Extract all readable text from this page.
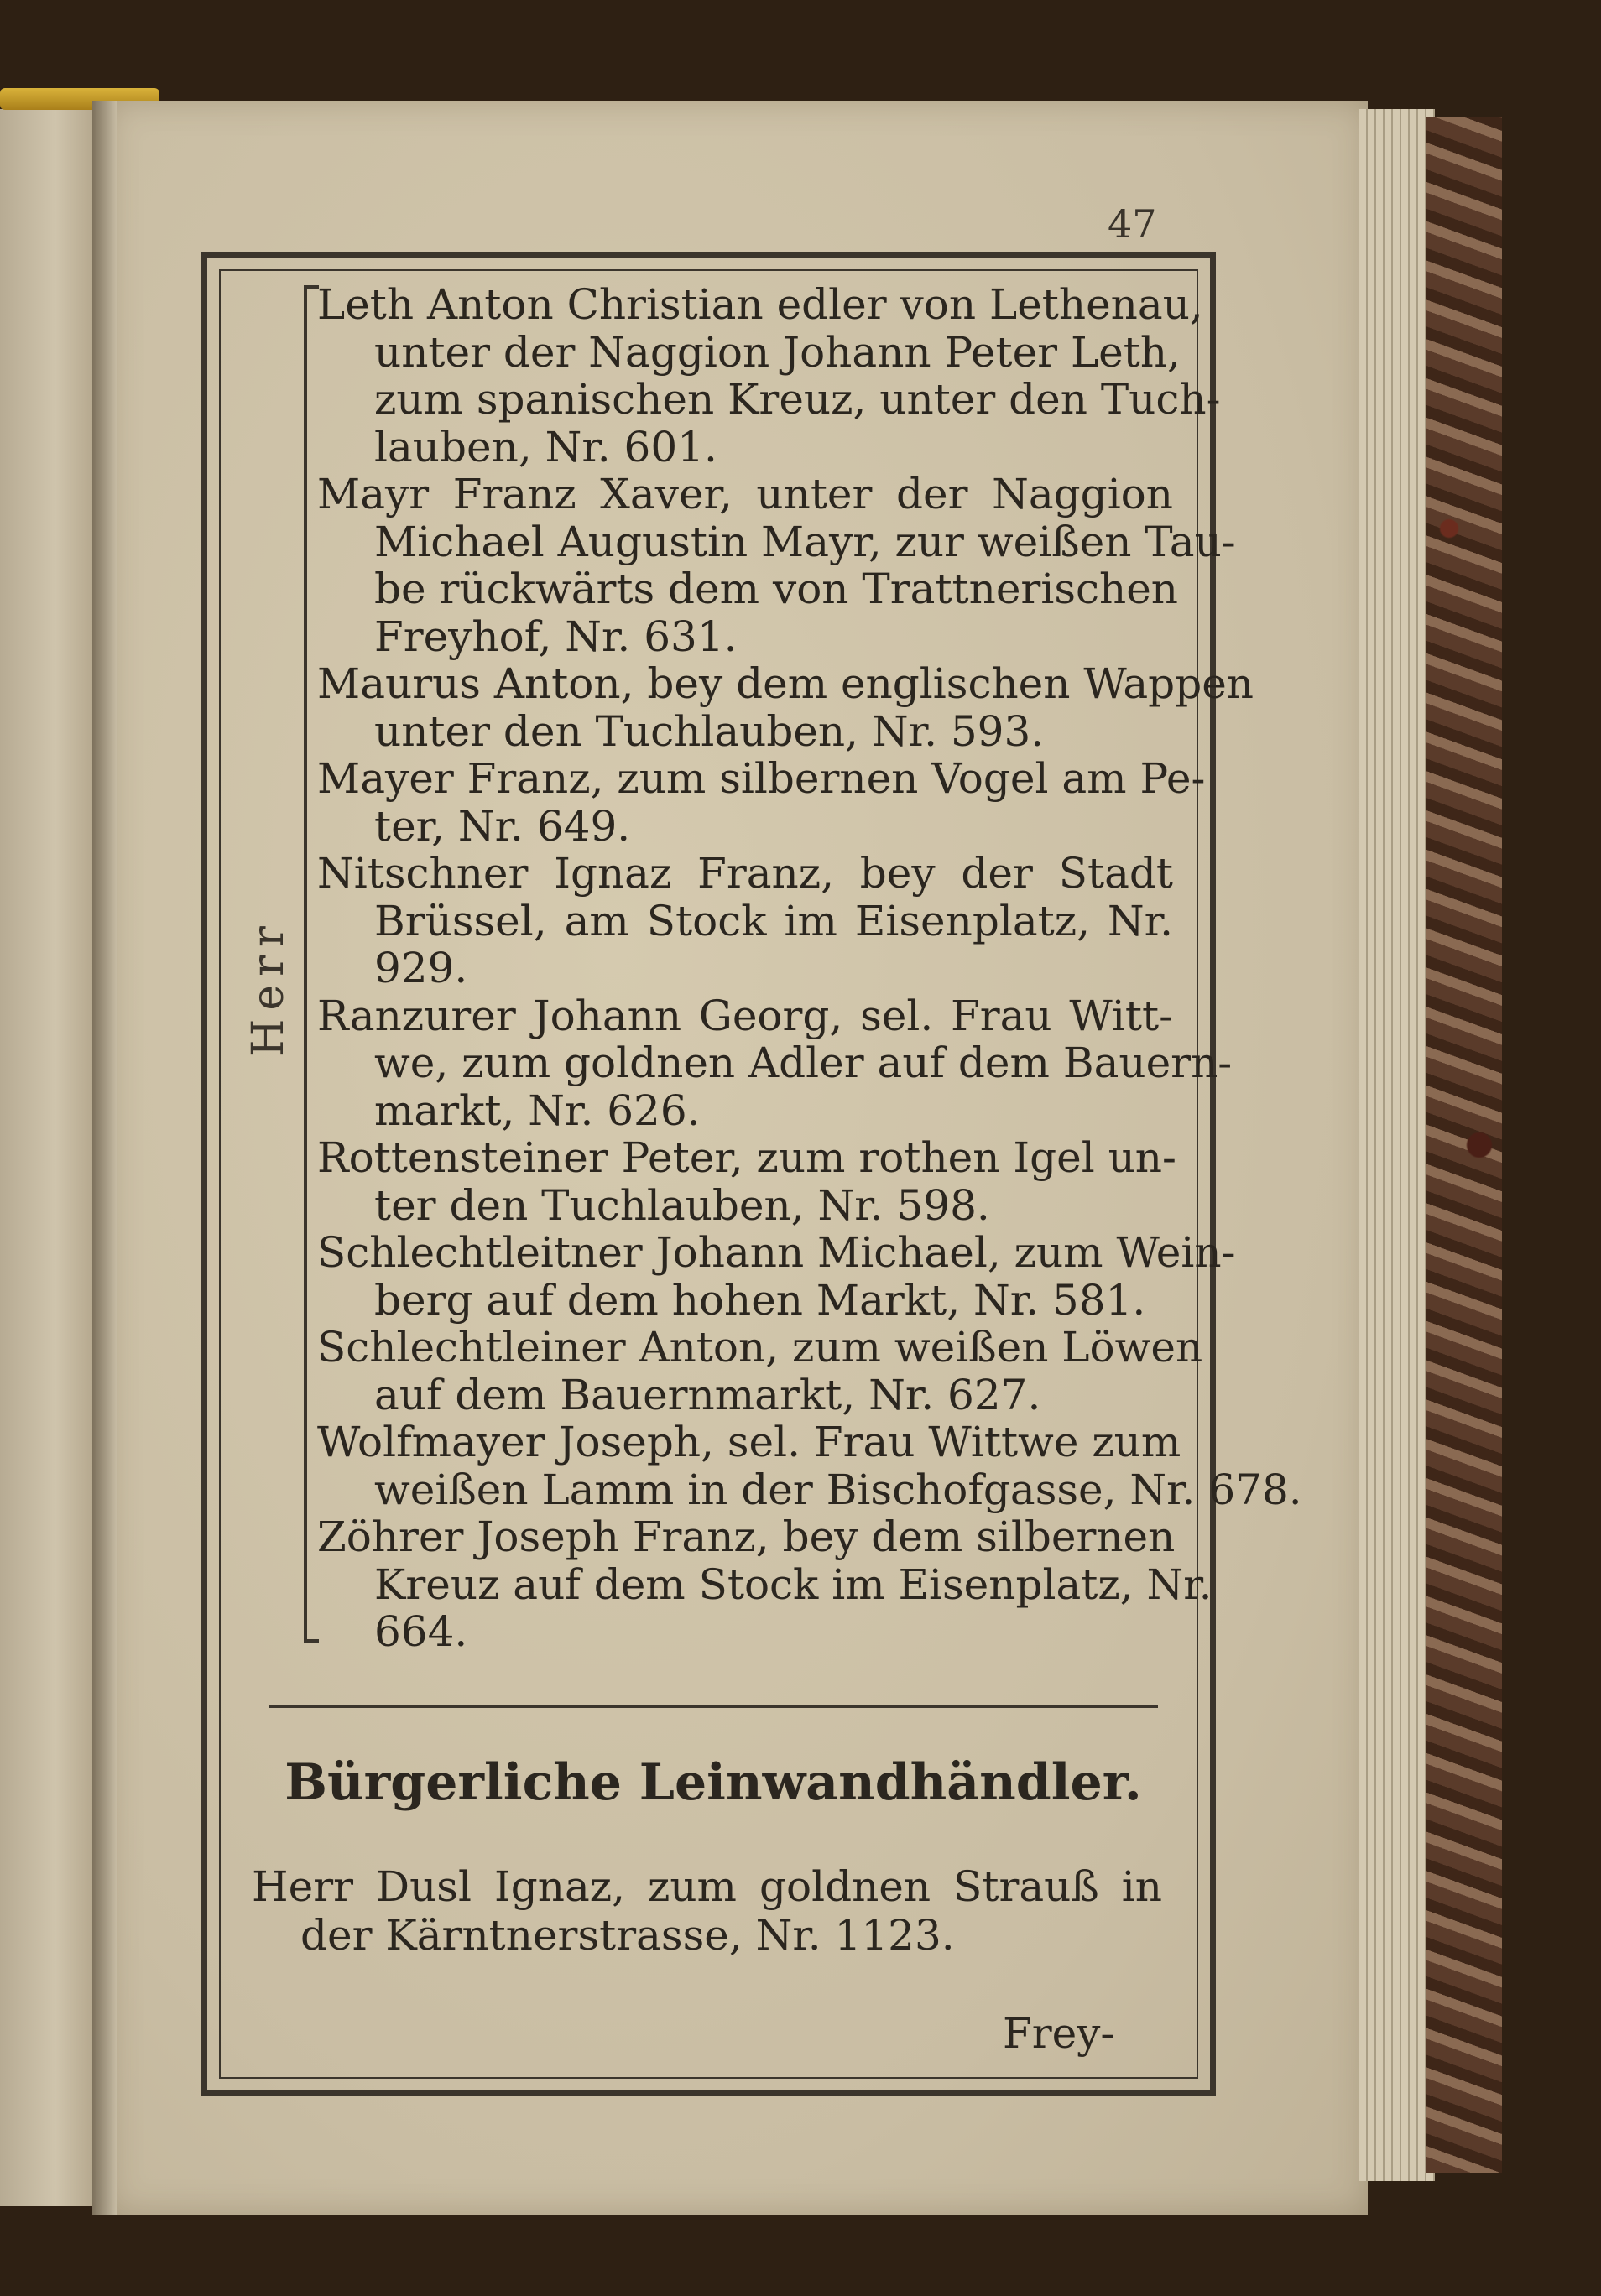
47
Herr

Leth Anton Christian edler von Lethenau,
unter der Naggion Johann Peter Leth,
zum spanischen Kreuz, unter den Tuch-
lauben, Nr. 601.

Mayr Franz Xaver, unter der Naggion
Michael Augustin Mayr, zur weißen Tau-
be rückwärts dem von Trattnerischen
Freyhof, Nr. 631.

Maurus Anton, bey dem englischen Wappen
unter den Tuchlauben, Nr. 593.

Mayer Franz, zum silbernen Vogel am Pe-
ter, Nr. 649.

Nitschner Ignaz Franz, bey der Stadt
Brüssel, am Stock im Eisenplatz, Nr.
929.

Ranzurer Johann Georg, sel. Frau Witt-
we, zum goldnen Adler auf dem Bauern-
markt, Nr. 626.

Rottensteiner Peter, zum rothen Igel un-
ter den Tuchlauben, Nr. 598.

Schlechtleitner Johann Michael, zum Wein-
berg auf dem hohen Markt, Nr. 581.

Schlechtleiner Anton, zum weißen Löwen
auf dem Bauernmarkt, Nr. 627.

Wolfmayer Joseph, sel. Frau Wittwe zum
weißen Lamm in der Bischofgasse, Nr. 678.

Zöhrer Joseph Franz, bey dem silbernen
Kreuz auf dem Stock im Eisenplatz, Nr.
664.

Bürgerliche Leinwandhändler.
Herr Dusl Ignaz, zum goldnen Strauß in
der Kärntnerstrasse, Nr. 1123.
Frey-
